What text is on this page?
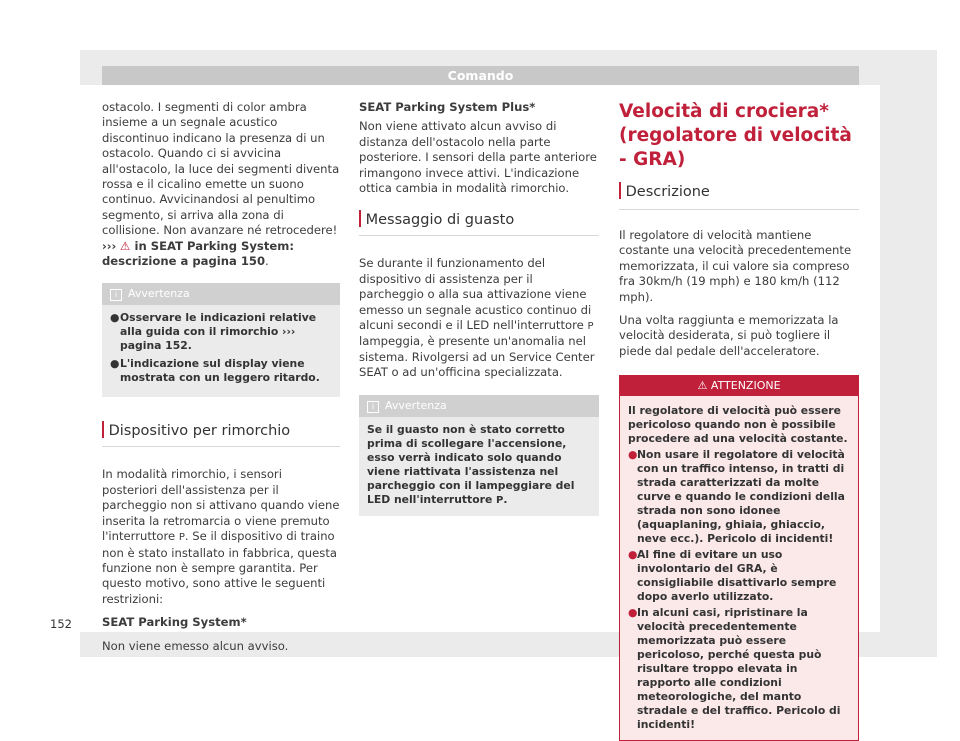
Comando

ostacolo. I segmenti di color ambra insieme a un segnale acustico discontinuo indicano la presenza di un ostacolo. Quando ci si avvicina all'ostacolo, la luce dei segmenti diventa rossa e il cicalino emette un suono continuo. Avvicinandosi al penultimo segmento, si arriva alla zona di collisione. Non avanzare né retrocedere! ››› ⚠ in SEAT Parking System: descrizione a pagina 150.

i Avvertenza
● Osservare le indicazioni relative alla guida con il rimorchio ››› pagina 152.
● L'indicazione sul display viene mostrata con un leggero ritardo.
Dispositivo per rimorchio

In modalità rimorchio, i sensori posteriori dell'assistenza per il parcheggio non si attivano quando viene inserita la retromarcia o viene premuto l'interruttore P. Se il dispositivo di traino non è stato installato in fabbrica, questa funzione non è sempre garantita. Per questo motivo, sono attive le seguenti restrizioni:

SEAT Parking System*

Non viene emesso alcun avviso.

SEAT Parking System Plus*

Non viene attivato alcun avviso di distanza dell'ostacolo nella parte posteriore. I sensori della parte anteriore rimangono invece attivi. L'indicazione ottica cambia in modalità rimorchio.

Messaggio di guasto

Se durante il funzionamento del dispositivo di assistenza per il parcheggio o alla sua attivazione viene emesso un segnale acustico continuo di alcuni secondi e il LED nell'interruttore P lampeggia, è presente un'anomalia nel sistema. Rivolgersi ad un Service Center SEAT o ad un'officina specializzata.

i Avvertenza
Se il guasto non è stato corretto prima di scollegare l'accensione, esso verrà indicato solo quando viene riattivata l'assistenza nel parcheggio con il lampeggiare del LED nell'interruttore P.
Velocità di crociera* (regolatore di velocità - GRA)
Descrizione

Il regolatore di velocità mantiene costante una velocità precedentemente memorizzata, il cui valore sia compreso fra 30km/h (19 mph) e 180 km/h (112 mph).

Una volta raggiunta e memorizzata la velocità desiderata, si può togliere il piede dal pedale dell'acceleratore.

⚠ ATTENZIONE
Il regolatore di velocità può essere pericoloso quando non è possibile procedere ad una velocità costante.
● Non usare il regolatore di velocità con un traffico intenso, in tratti di strada caratterizzati da molte curve e quando le condizioni della strada non sono idonee (aquaplaning, ghiaia, ghiaccio, neve ecc.). Pericolo di incidenti!
● Al fine di evitare un uso involontario del GRA, è consigliabile disattivarlo sempre dopo averlo utilizzato.
● In alcuni casi, ripristinare la velocità precedentemente memorizzata può essere pericoloso, perché questa può risultare troppo elevata in rapporto alle condizioni meteorologiche, del manto stradale e del traffico. Pericolo di incidenti!
152
